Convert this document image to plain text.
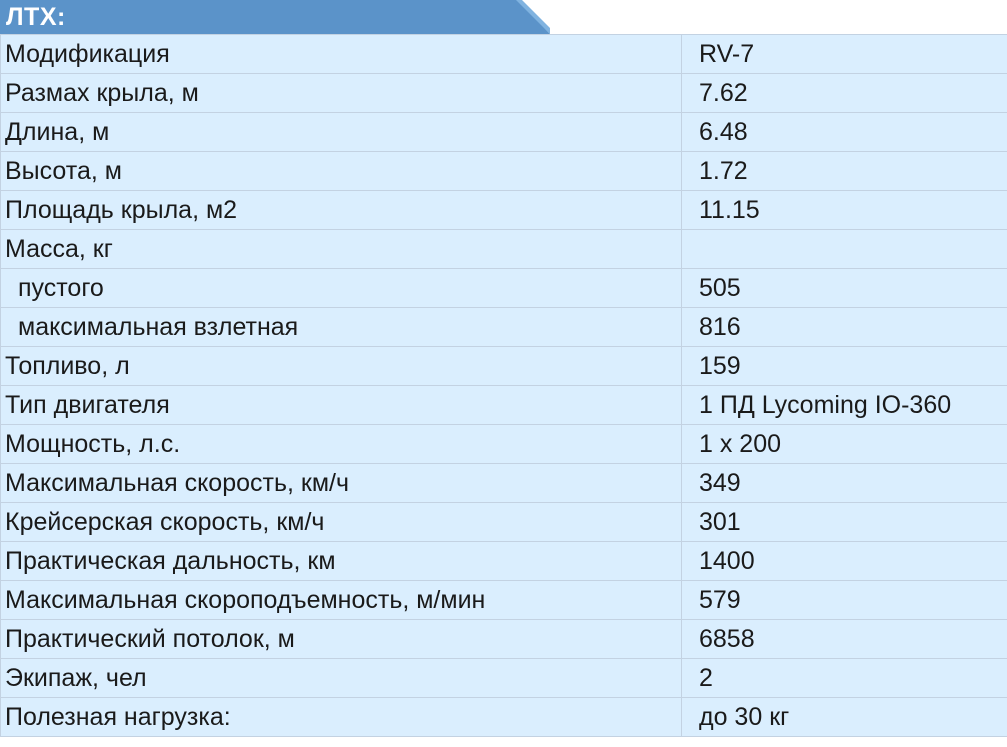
ЛТХ:
Модификация	RV-7
Размах крыла, м	7.62
Длина, м	6.48
Высота, м	1.72
Площадь крыла, м2	11.15
Масса, кг	
пустого	505
максимальная взлетная	816
Топливо, л	159
Тип двигателя	1 ПД Lycoming IO-360
Мощность, л.с.	1 x 200
Максимальная скорость, км/ч	349
Крейсерская скорость, км/ч	301
Практическая дальность, км	1400
Максимальная скороподъемность, м/мин	579
Практический потолок, м	6858
Экипаж, чел	2
Полезная нагрузка:	до 30 кг
